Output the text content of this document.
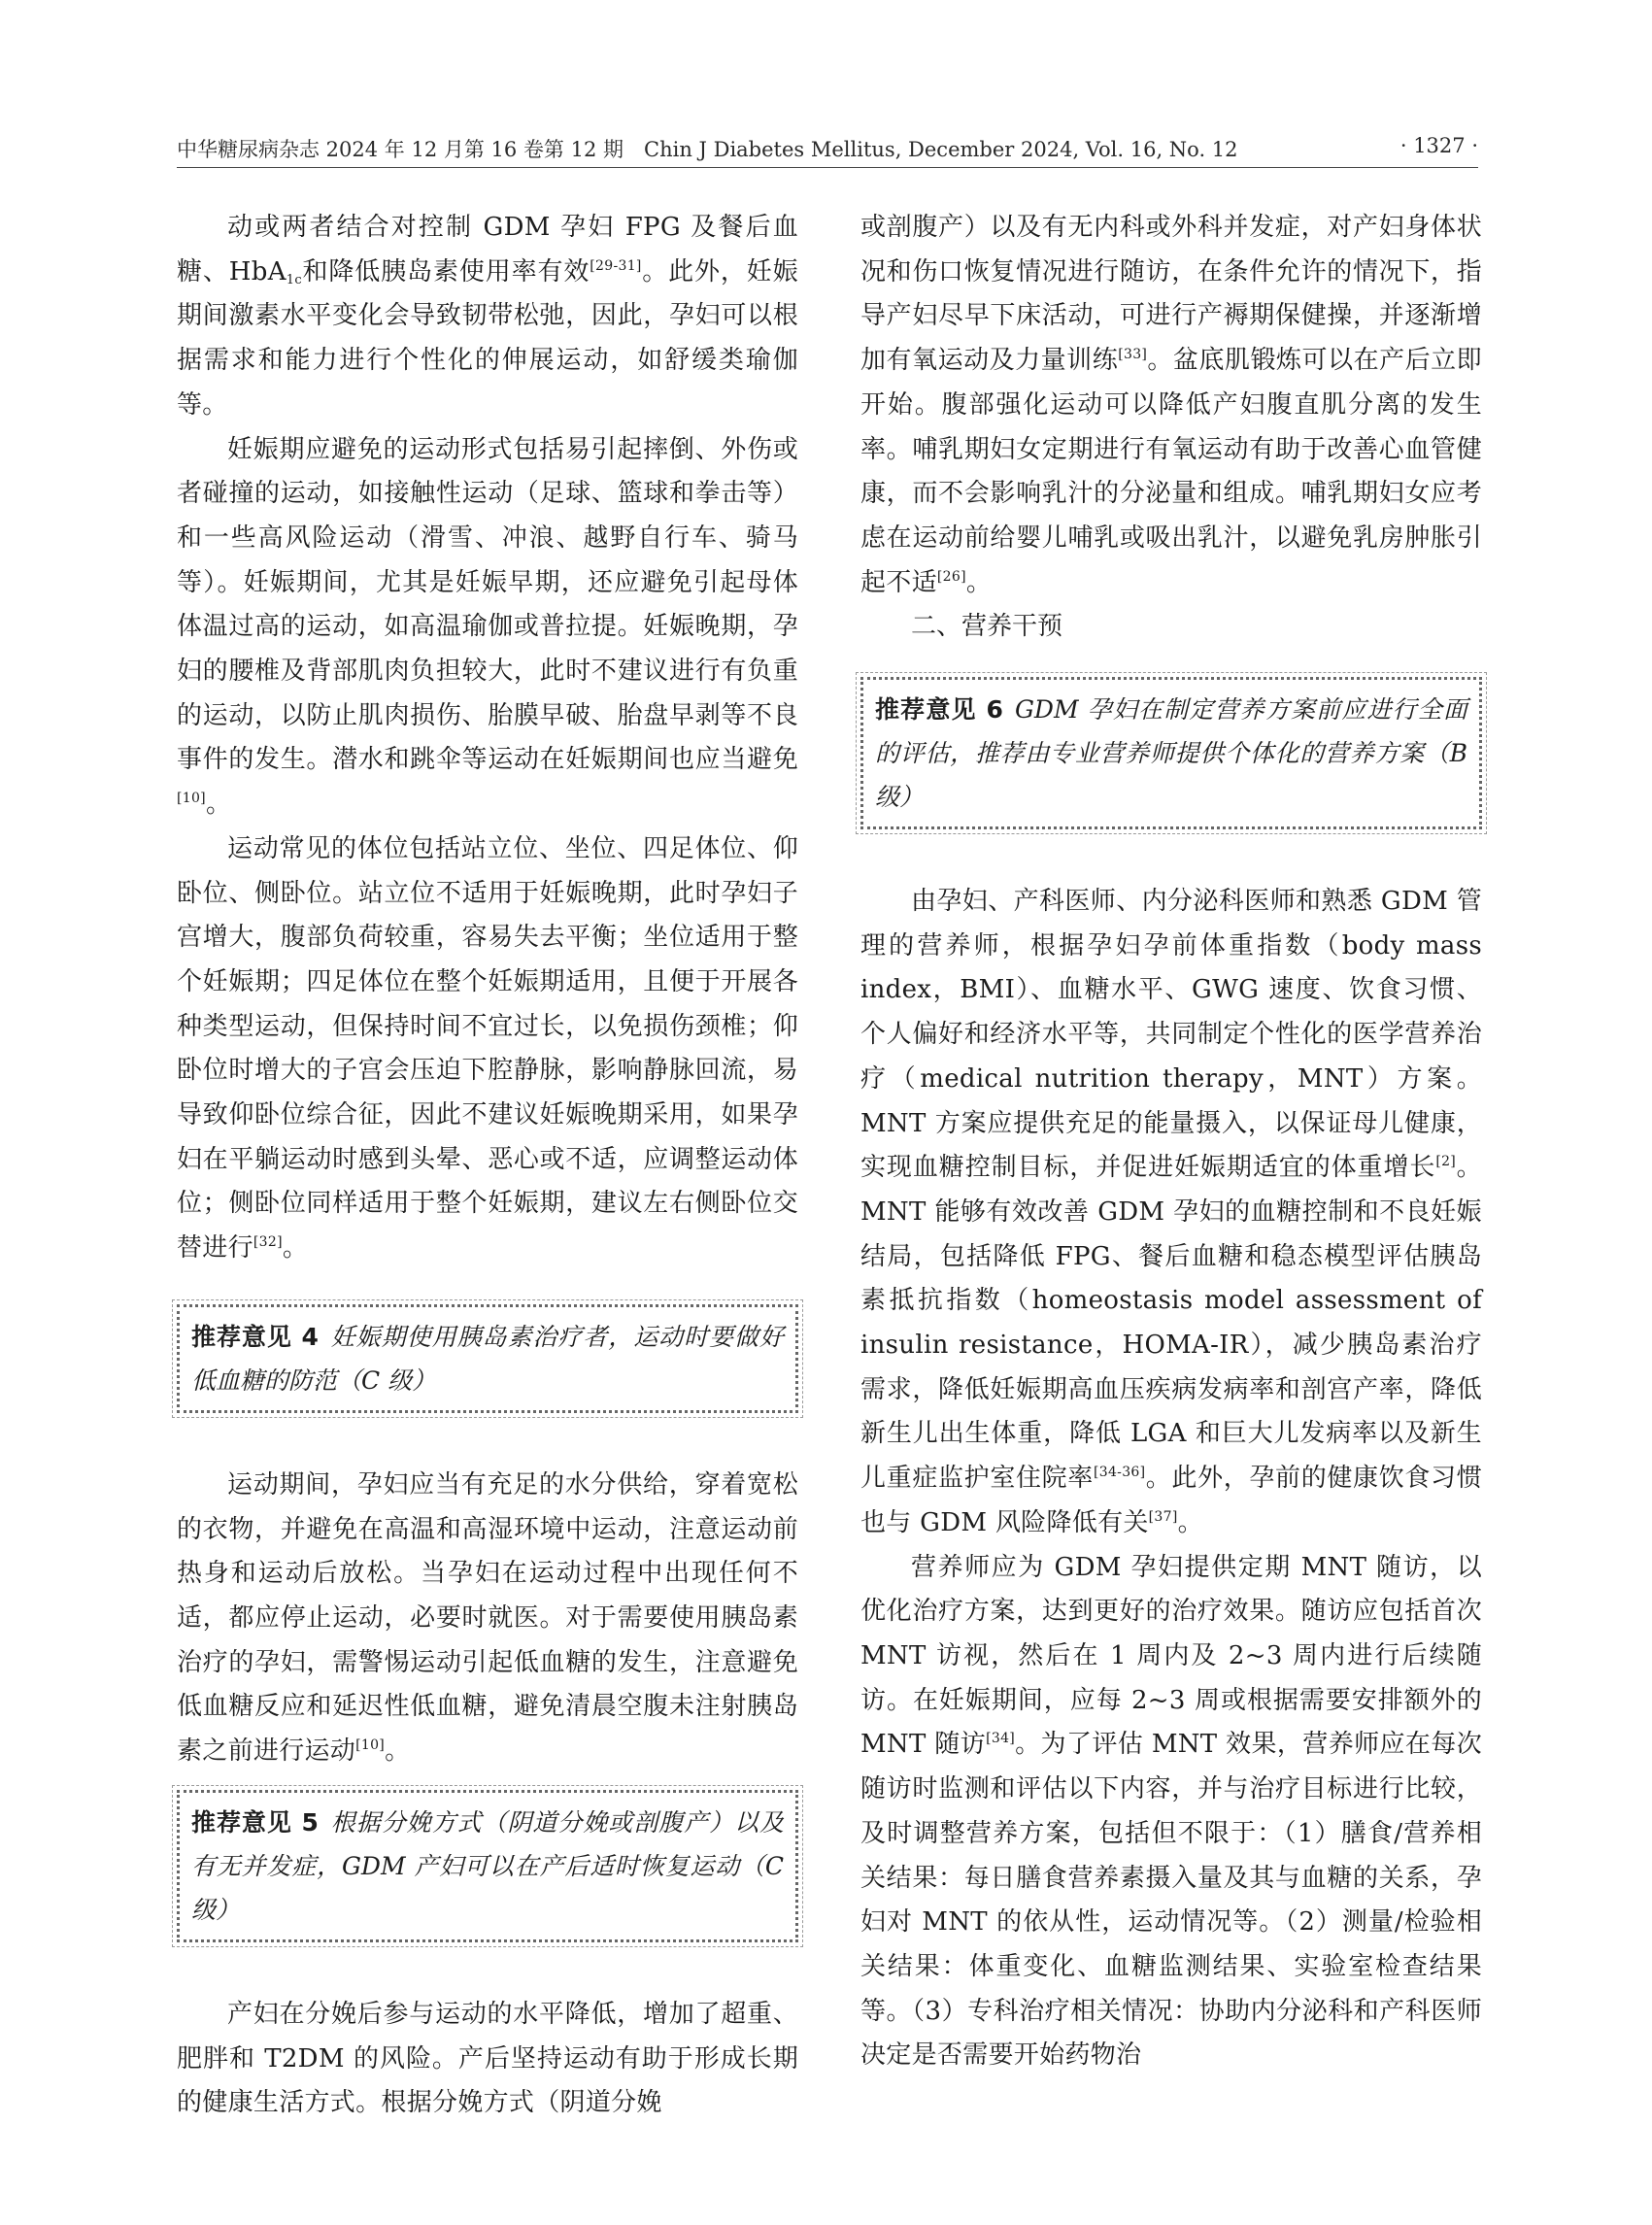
中华糖尿病杂志 2024 年 12 月第 16 卷第 12 期　Chin J Diabetes Mellitus, December 2024, Vol. 16, No. 12	· 1327 ·

动或两者结合对控制 GDM 孕妇 FPG 及餐后血糖、HbA$_{1c}$和降低胰岛素使用率有效[29-31]。此外，妊娠期间激素水平变化会导致韧带松弛，因此，孕妇可以根据需求和能力进行个性化的伸展运动，如舒缓类瑜伽等。

妊娠期应避免的运动形式包括易引起摔倒、外伤或者碰撞的运动，如接触性运动（足球、篮球和拳击等）和一些高风险运动（滑雪、冲浪、越野自行车、骑马等）。妊娠期间，尤其是妊娠早期，还应避免引起母体体温过高的运动，如高温瑜伽或普拉提。妊娠晚期，孕妇的腰椎及背部肌肉负担较大，此时不建议进行有负重的运动，以防止肌肉损伤、胎膜早破、胎盘早剥等不良事件的发生。潜水和跳伞等运动在妊娠期间也应当避免[10]。

运动常见的体位包括站立位、坐位、四足体位、仰卧位、侧卧位。站立位不适用于妊娠晚期，此时孕妇子宫增大，腹部负荷较重，容易失去平衡；坐位适用于整个妊娠期；四足体位在整个妊娠期适用，且便于开展各种类型运动，但保持时间不宜过长，以免损伤颈椎；仰卧位时增大的子宫会压迫下腔静脉，影响静脉回流，易导致仰卧位综合征，因此不建议妊娠晚期采用，如果孕妇在平躺运动时感到头晕、恶心或不适，应调整运动体位；侧卧位同样适用于整个妊娠期，建议左右侧卧位交替进行[32]。

推荐意见 4 妊娠期使用胰岛素治疗者，运动时要做好低血糖的防范（C 级）

运动期间，孕妇应当有充足的水分供给，穿着宽松的衣物，并避免在高温和高湿环境中运动，注意运动前热身和运动后放松。当孕妇在运动过程中出现任何不适，都应停止运动，必要时就医。对于需要使用胰岛素治疗的孕妇，需警惕运动引起低血糖的发生，注意避免低血糖反应和延迟性低血糖，避免清晨空腹未注射胰岛素之前进行运动[10]。

推荐意见 5 根据分娩方式（阴道分娩或剖腹产）以及有无并发症，GDM 产妇可以在产后适时恢复运动（C 级）

产妇在分娩后参与运动的水平降低，增加了超重、肥胖和 T2DM 的风险。产后坚持运动有助于形成长期的健康生活方式。根据分娩方式（阴道分娩

或剖腹产）以及有无内科或外科并发症，对产妇身体状况和伤口恢复情况进行随访，在条件允许的情况下，指导产妇尽早下床活动，可进行产褥期保健操，并逐渐增加有氧运动及力量训练[33]。盆底肌锻炼可以在产后立即开始。腹部强化运动可以降低产妇腹直肌分离的发生率。哺乳期妇女定期进行有氧运动有助于改善心血管健康，而不会影响乳汁的分泌量和组成。哺乳期妇女应考虑在运动前给婴儿哺乳或吸出乳汁，以避免乳房肿胀引起不适[26]。

二、营养干预

推荐意见 6 GDM 孕妇在制定营养方案前应进行全面的评估，推荐由专业营养师提供个体化的营养方案（B 级）

由孕妇、产科医师、内分泌科医师和熟悉 GDM 管理的营养师，根据孕妇孕前体重指数（body mass index，BMI）、血糖水平、GWG 速度、饮食习惯、个人偏好和经济水平等，共同制定个性化的医学营养治疗（medical nutrition therapy，MNT）方案。MNT 方案应提供充足的能量摄入，以保证母儿健康，实现血糖控制目标，并促进妊娠期适宜的体重增长[2]。MNT 能够有效改善 GDM 孕妇的血糖控制和不良妊娠结局，包括降低 FPG、餐后血糖和稳态模型评估胰岛素抵抗指数（homeostasis model assessment of insulin resistance，HOMA-IR），减少胰岛素治疗需求，降低妊娠期高血压疾病发病率和剖宫产率，降低新生儿出生体重，降低 LGA 和巨大儿发病率以及新生儿重症监护室住院率[34-36]。此外，孕前的健康饮食习惯也与 GDM 风险降低有关[37]。

营养师应为 GDM 孕妇提供定期 MNT 随访，以优化治疗方案，达到更好的治疗效果。随访应包括首次 MNT 访视，然后在 1 周内及 2~3 周内进行后续随访。在妊娠期间，应每 2~3 周或根据需要安排额外的 MNT 随访[34]。为了评估 MNT 效果，营养师应在每次随访时监测和评估以下内容，并与治疗目标进行比较，及时调整营养方案，包括但不限于：（1）膳食/营养相关结果：每日膳食营养素摄入量及其与血糖的关系，孕妇对 MNT 的依从性，运动情况等。（2）测量/检验相关结果：体重变化、血糖监测结果、实验室检查结果等。（3）专科治疗相关情况：协助内分泌科和产科医师决定是否需要开始药物治
